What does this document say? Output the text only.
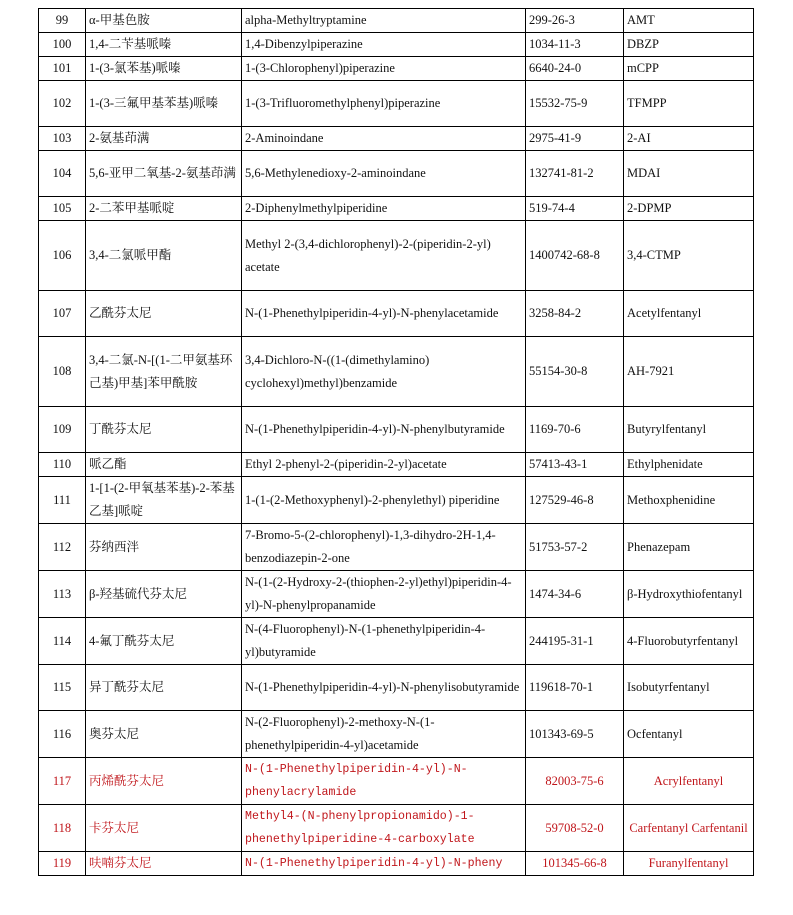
99	α-甲基色胺	alpha-Methyltryptamine	299-26-3	AMT
100	1,4-二苄基哌嗪	1,4-Dibenzylpiperazine	1034-11-3	DBZP
101	1-(3-氯苯基)哌嗪	1-(3-Chlorophenyl)piperazine	6640-24-0	mCPP
102	1-(3-三氟甲基苯基)哌嗪	1-(3-Trifluoromethylphenyl)piperazine	15532-75-9	TFMPP
103	2-氨基茚满	2-Aminoindane	2975-41-9	2-AI
104	5,6-亚甲二氧基-2-氨基茚满	5,6-Methylenedioxy-2-aminoindane	132741-81-2	MDAI
105	2-二苯甲基哌啶	2-Diphenylmethylpiperidine	519-74-4	2-DPMP
106	3,4-二氯哌甲酯	Methyl 2-(3,4-dichlorophenyl)-2-(piperidin-2-yl) acetate	1400742-68-8	3,4-CTMP
107	乙酰芬太尼	N-(1-Phenethylpiperidin-4-yl)-N-phenylacetamide	3258-84-2	Acetylfentanyl
108	3,4-二氯-N-[(1-二甲氨基环己基)甲基]苯甲酰胺	3,4-Dichloro-N-((1-(dimethylamino) cyclohexyl)methyl)benzamide	55154-30-8	AH-7921
109	丁酰芬太尼	N-(1-Phenethylpiperidin-4-yl)-N-phenylbutyramide	1169-70-6	Butyrylfentanyl
110	哌乙酯	Ethyl 2-phenyl-2-(piperidin-2-yl)acetate	57413-43-1	Ethylphenidate
111	1-[1-(2-甲氧基苯基)-2-苯基乙基]哌啶	1-(1-(2-Methoxyphenyl)-2-phenylethyl) piperidine	127529-46-8	Methoxphenidine
112	芬纳西泮	7-Bromo-5-(2-chlorophenyl)-1,3-dihydro-2H-1,4-benzodiazepin-2-one	51753-57-2	Phenazepam
113	β-羟基硫代芬太尼	N-(1-(2-Hydroxy-2-(thiophen-2-yl)ethyl)piperidin-4-yl)-N-phenylpropanamide	1474-34-6	β-Hydroxythiofentanyl
114	4-氟丁酰芬太尼	N-(4-Fluorophenyl)-N-(1-phenethylpiperidin-4-yl)butyramide	244195-31-1	4-Fluorobutyrfentanyl
115	异丁酰芬太尼	N-(1-Phenethylpiperidin-4-yl)-N-phenylisobutyramide	119618-70-1	Isobutyrfentanyl
116	奥芬太尼	N-(2-Fluorophenyl)-2-methoxy-N-(1-phenethylpiperidin-4-yl)acetamide	101343-69-5	Ocfentanyl
117	丙烯酰芬太尼	N-(1-Phenethylpiperidin-4-yl)-N-phenylacrylamide	82003-75-6	Acrylfentanyl
118	卡芬太尼	Methyl4-(N-phenylpropionamido)-1-phenethylpiperidine-4-carboxylate	59708-52-0	Carfentanyl Carfentanil
119	呋喃芬太尼	N-(1-Phenethylpiperidin-4-yl)-N-pheny	101345-66-8	Furanylfentanyl
